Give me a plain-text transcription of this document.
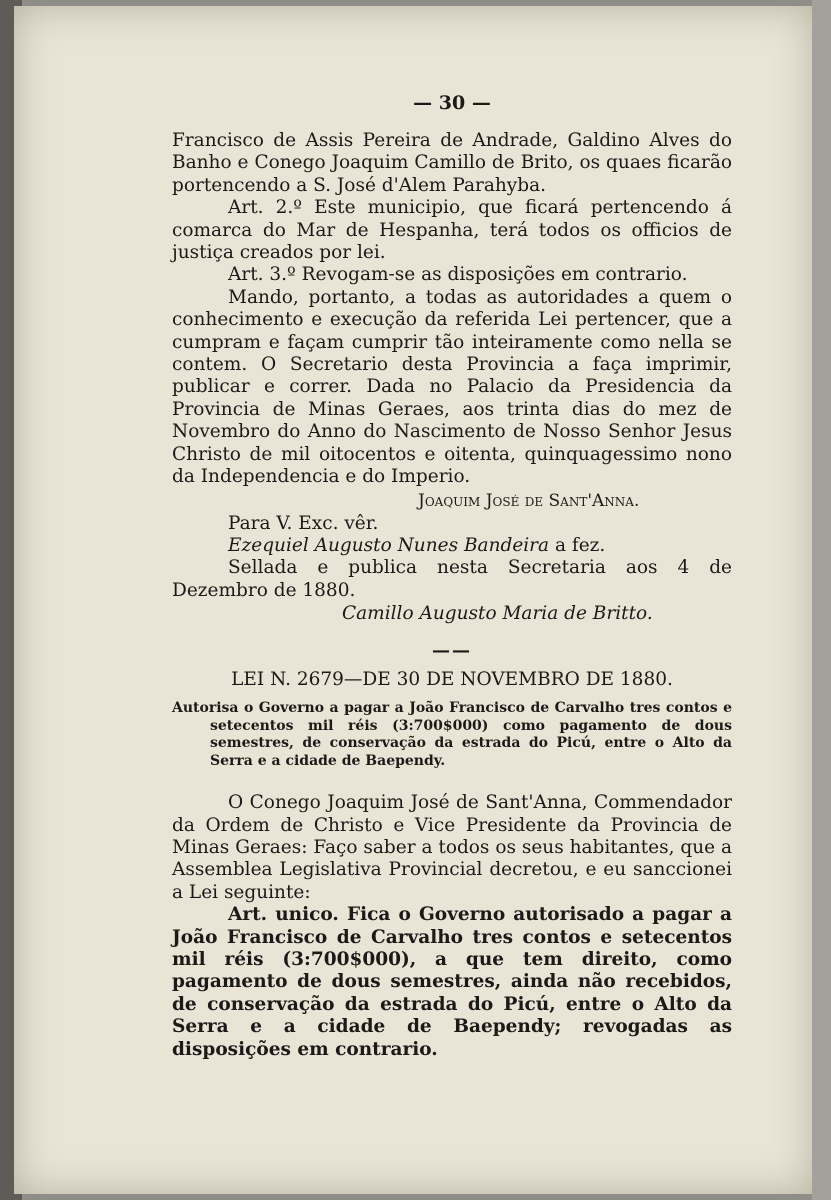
— 30 —

Francisco de Assis Pereira de Andrade, Galdino Alves do Banho e Conego Joaquim Camillo de Brito, os quaes ficarão portencendo a S. José d'Alem Parahyba.

Art. 2.º Este municipio, que ficará pertencendo á comarca do Mar de Hespanha, terá todos os officios de justiça creados por lei.

Art. 3.º Revogam-se as disposições em contrario.

Mando, portanto, a todas as autoridades a quem o conhecimento e execução da referida Lei pertencer, que a cumpram e façam cumprir tão inteiramente como nella se contem. O Secretario desta Provincia a faça imprimir, publicar e correr. Dada no Palacio da Presidencia da Provincia de Minas Geraes, aos trinta dias do mez de Novembro do Anno do Nascimento de Nosso Senhor Jesus Christo de mil oitocentos e oitenta, quinquagessimo nono da Independencia e do Imperio.

Joaquim José de Sant'Anna.

Para V. Exc. vêr.

Ezequiel Augusto Nunes Bandeira a fez.

Sellada e publica nesta Secretaria aos 4 de Dezembro de 1880.

Camillo Augusto Maria de Britto.

——

LEI N. 2679—DE 30 DE NOVEMBRO DE 1880.

Autorisa o Governo a pagar a João Francisco de Carvalho tres contos e setecentos mil réis (3:700$000) como pagamento de dous semestres, de conservação da estrada do Picú, entre o Alto da Serra e a cidade de Baependy.

O Conego Joaquim José de Sant'Anna, Commendador da Ordem de Christo e Vice Presidente da Provincia de Minas Geraes: Faço saber a todos os seus habitantes, que a Assemblea Legislativa Provincial decretou, e eu sanccionei a Lei seguinte:

Art. unico. Fica o Governo autorisado a pagar a João Francisco de Carvalho tres contos e setecentos mil réis (3:700$000), a que tem direito, como pagamento de dous semestres, ainda não recebidos, de conservação da estrada do Picú, entre o Alto da Serra e a cidade de Baependy; revogadas as disposições em contrario.
